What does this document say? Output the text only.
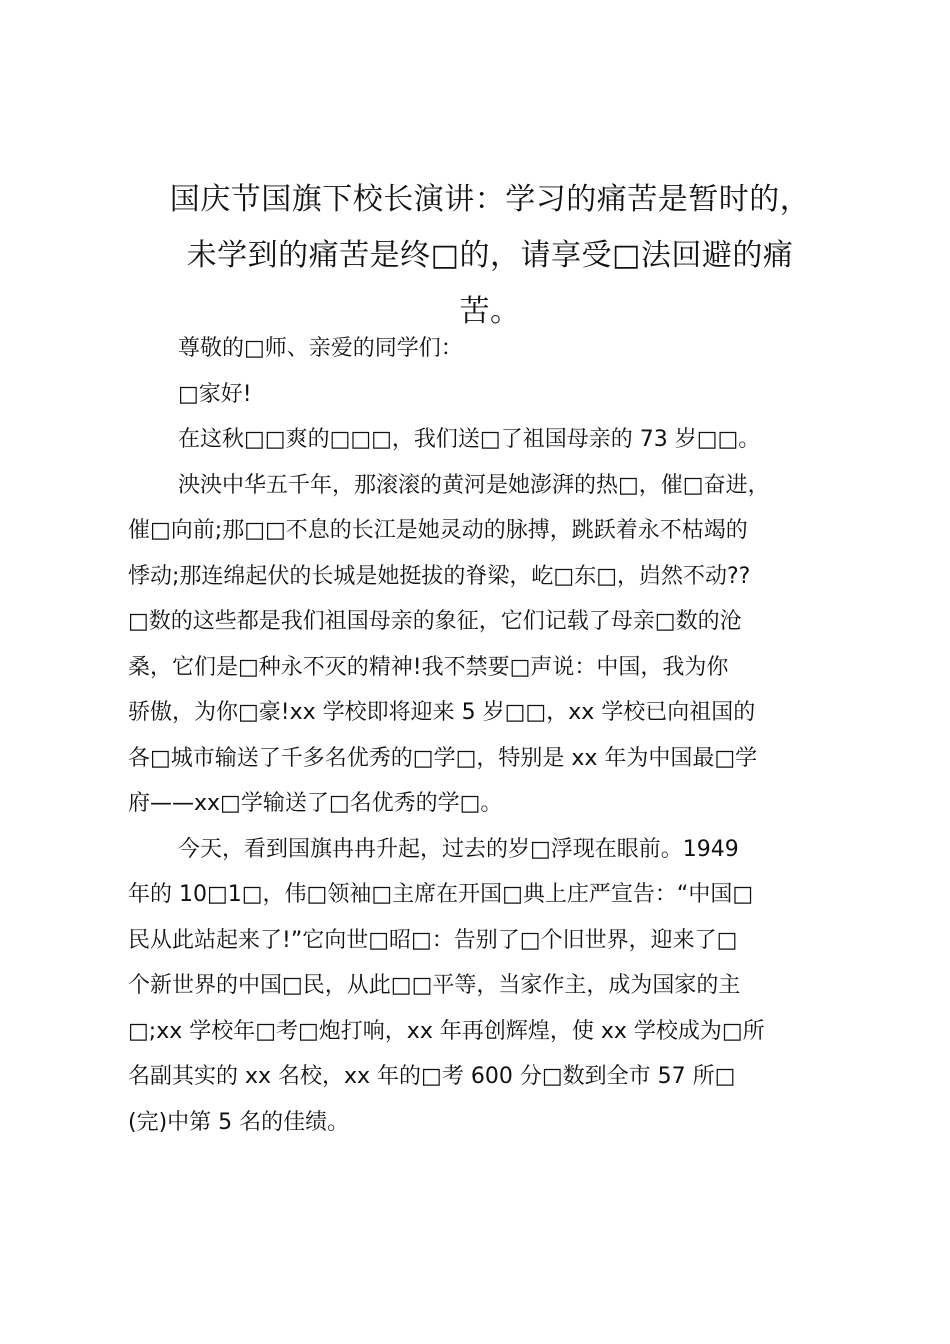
国庆节国旗下校长演讲：学习的痛苦是暂时的，
未学到的痛苦是终□的，请享受□法回避的痛
苦。

尊敬的□师、亲爱的同学们：

□家好!

在这秋□□爽的□□□，我们送□了祖国母亲的 73 岁□□。

泱泱中华五千年，那滚滚的黄河是她澎湃的热□，催□奋进，
催□向前;那□□不息的长江是她灵动的脉搏，跳跃着永不枯竭的
悸动;那连绵起伏的长城是她挺拔的脊梁，屹□东□，岿然不动??
□数的这些都是我们祖国母亲的象征，它们记载了母亲□数的沧
桑，它们是□种永不灭的精神!我不禁要□声说：中国，我为你
骄傲，为你□豪!xx 学校即将迎来 5 岁□□，xx 学校已向祖国的
各□城市输送了千多名优秀的□学□，特别是 xx 年为中国最□学
府——xx□学输送了□名优秀的学□。

今天，看到国旗冉冉升起，过去的岁□浮现在眼前。1949
年的 10□1□，伟□领袖□主席在开国□典上庄严宣告：“中国□
民从此站起来了!”它向世□昭□：告别了□个旧世界，迎来了□
个新世界的中国□民，从此□□平等，当家作主，成为国家的主
□;xx 学校年□考□炮打响，xx 年再创辉煌，使 xx 学校成为□所
名副其实的 xx 名校，xx 年的□考 600 分□数到全市 57 所□
(完)中第 5 名的佳绩。
